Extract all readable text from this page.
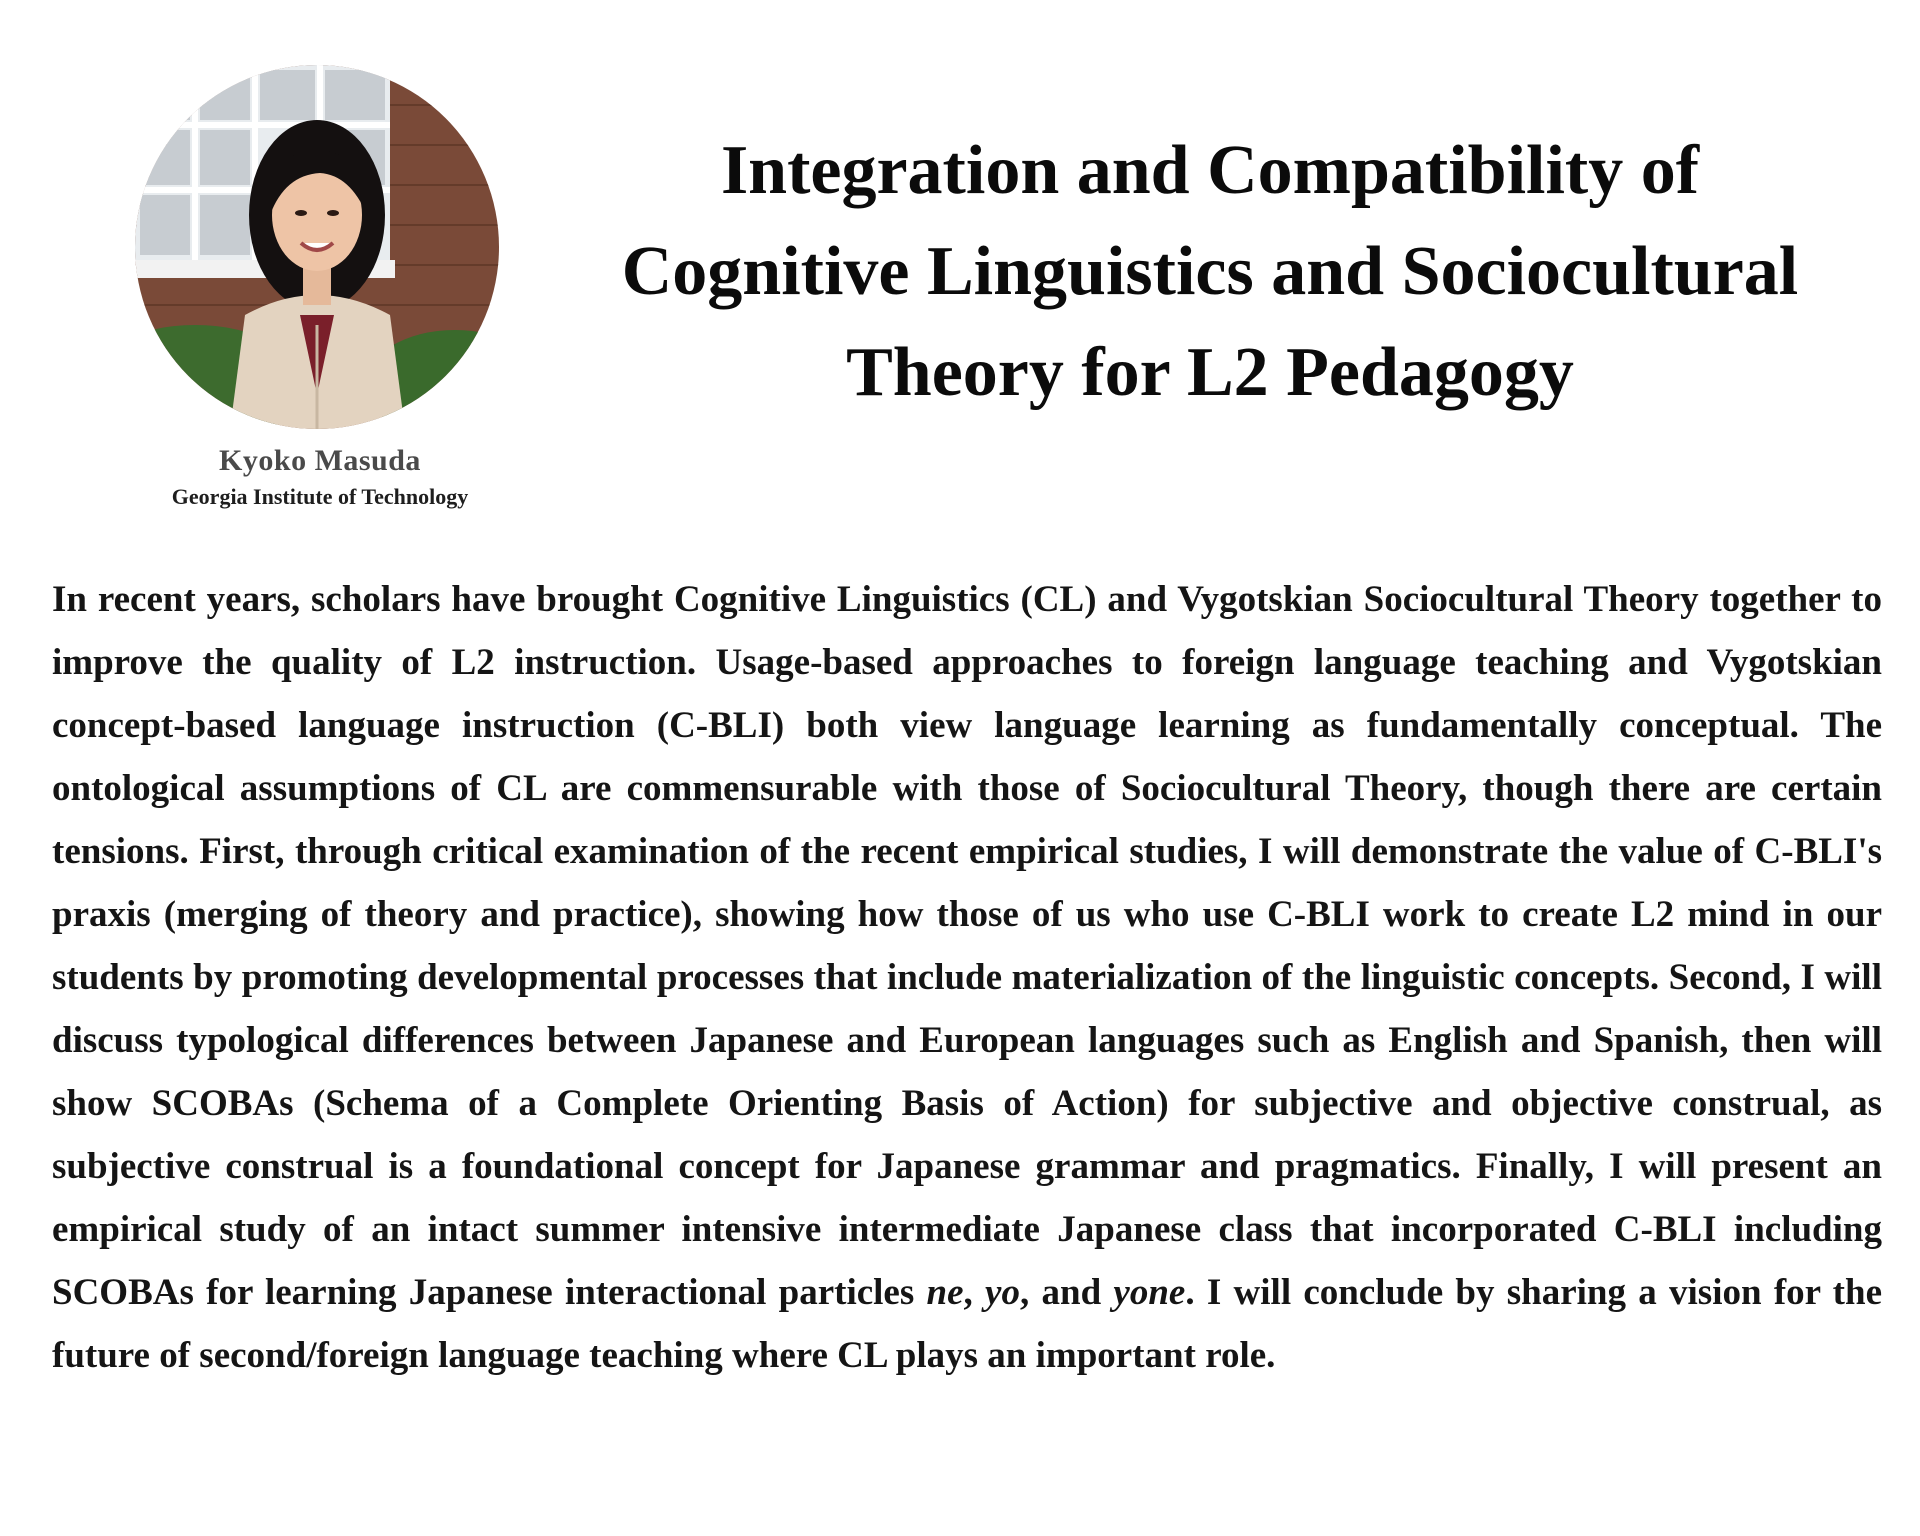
Kyoko Masuda
Georgia Institute of Technology
Integration and Compatibility of
Cognitive Linguistics and Sociocultural
Theory for L2 Pedagogy

In recent years, scholars have brought Cognitive Linguistics (CL) and Vygotskian Sociocultural Theory together to improve the quality of L2 instruction. Usage-based approaches to foreign language teaching and Vygotskian concept-based language instruction (C-BLI) both view language learning as fundamentally conceptual. The ontological assumptions of CL are commensurable with those of Sociocultural Theory, though there are certain tensions. First, through critical examination of the recent empirical studies, I will demonstrate the value of C-BLI's praxis (merging of theory and practice), showing how those of us who use C-BLI work to create L2 mind in our students by promoting developmental processes that include materialization of the linguistic concepts. Second, I will discuss typological differences between Japanese and European languages such as English and Spanish, then will show SCOBAs (Schema of a Complete Orienting Basis of Action) for subjective and objective construal, as subjective construal is a foundational concept for Japanese grammar and pragmatics. Finally, I will present an empirical study of an intact summer intensive intermediate Japanese class that incorporated C-BLI including SCOBAs for learning Japanese interactional particles ne, yo, and yone. I will conclude by sharing a vision for the future of second/foreign language teaching where CL plays an important role.
